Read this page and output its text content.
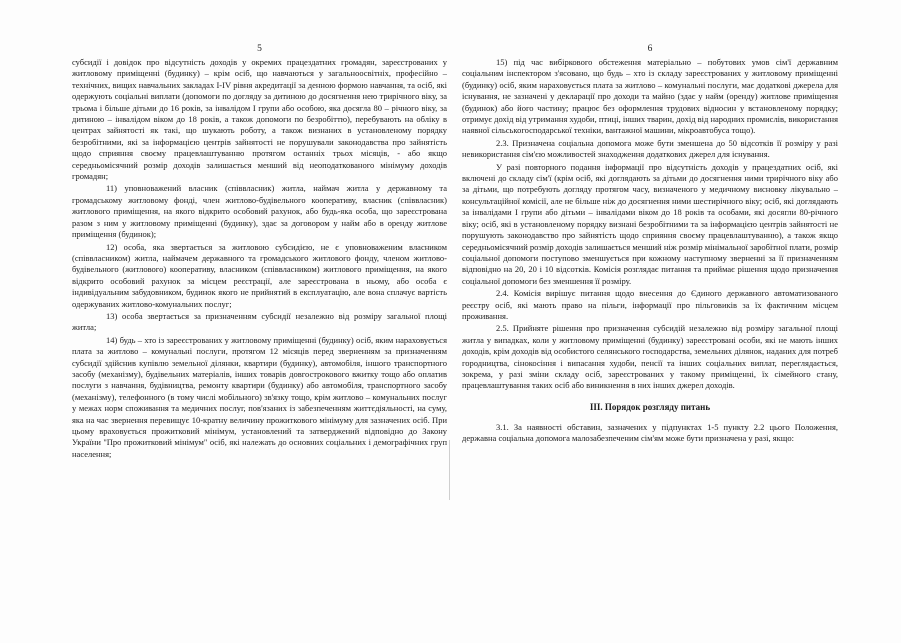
5

субсидії і довідок про відсутність доходів у окремих працездатних громадян, зареєстрованих у житловому приміщенні (будинку) – крім осіб, що навчаються у загальноосвітніх, професійно – технічних, вищих навчальних закладах I-IV рівня акредитації за денною формою навчання, та осіб, які одержують соціальні виплати (допомоги по догляду за дитиною до досягнення нею трирічного віку, за трьома і більше дітьми до 16 років, за інвалідом I групи або особою, яка досягла 80 – річного віку, за дитиною – інвалідом віком до 18 років, а також допомоги по безробіттю), перебувають на обліку в центрах зайнятості як такі, що шукають роботу, а також визнаних в установленому порядку безробітними, які за інформацією центрів зайнятості не порушували законодавства про зайнятість щодо сприяння своєму працевлаштуванню протягом останніх трьох місяців, - або якщо середньомісячний розмір доходів залишається менший від неоподаткованого мінімуму доходів громадян;

11) уповноважений власник (співвласник) житла, наймач житла у державному та громадському житловому фонді, член житлово-будівельного кооперативу, власник (співвласник) житлового приміщення, на якого відкрито особовий рахунок, або будь-яка особа, що зареєстрована разом з ним у житловому приміщенні (будинку), здає за договором у найм або в оренду житлове приміщення (будинок);

12) особа, яка звертається за житловою субсидією, не є уповноваженим власником (співвласником) житла, наймачем державного та громадського житлового фонду, членом житлово-будівельного (житлового) кооперативу, власником (співвласником) житлового приміщення, на якого відкрито особовий рахунок за місцем реєстрації, але зареєстрована в ньому, або особа є індивідуальним забудовником, будинок якого не прийнятий в експлуатацію, але вона сплачує вартість одержуваних житлово-комунальних послуг;

13) особа звертається за призначенням субсидії незалежно від розміру загальної площі житла;

14) будь – хто із зареєстрованих у житловому приміщенні (будинку) осіб, яким нараховується плата за житлово – комунальні послуги, протягом 12 місяців перед зверненням за призначенням субсидії здійснив купівлю земельної ділянки, квартири (будинку), автомобіля, іншого транспортного засобу (механізму), будівельних матеріалів, інших товарів довгострокового вжитку тощо або оплатив послуги з навчання, будівництва, ремонту квартири (будинку) або автомобіля, транспортного засобу (механізму), телефонного (в тому числі мобільного) зв'язку тощо, крім житлово – комунальних послуг у межах норм споживання та медичних послуг, пов'язаних із забезпеченням життєдіяльності, на суму, яка на час звернення перевищує 10-кратну величину прожиткового мінімуму для зазначених осіб. При цьому враховується прожитковий мінімум, установлений та затверджений відповідно до Закону України "Про прожитковий мінімум" осіб, які належать до основних соціальних і демографічних груп населення;

6

15) під час вибіркового обстеження матеріально – побутових умов сім'ї державним соціальним інспектором з'ясовано, що будь – хто із складу зареєстрованих у житловому приміщенні (будинку) осіб, яким нараховується плата за житлово – комунальні послуги, має додаткові джерела для існування, не зазначені у декларації про доходи та майно (здає у найм (оренду) житлове приміщення (будинок) або його частину; працює без оформлення трудових відносин у встановленому порядку; отримує дохід від утримання худоби, птиці, інших тварин, дохід від народних промислів, використання наявної сільськогосподарської техніки, вантажної машини, мікроавтобуса тощо).

2.3. Призначена соціальна допомога може бути зменшена до 50 відсотків її розміру у разі невикористання сім'єю можливостей знаходження додаткових джерел для існування.

У разі повторного подання інформації про відсутність доходів у працездатних осіб, які включені до складу сім'ї (крім осіб, які доглядають за дітьми до досягнення ними трирічного віку або за дітьми, що потребують догляду протягом часу, визначеного у медичному висновку лікувально – консультаційної комісії, але не більше ніж до досягнення ними шестирічного віку; осіб, які доглядають за інвалідами I групи або дітьми – інвалідами віком до 18 років та особами, які досягли 80-річного віку; осіб, які в установленому порядку визнані безробітними та за інформацією центрів зайнятості не порушують законодавство про зайнятість щодо сприяння своєму працевлаштуванню), а також якщо середньомісячний розмір доходів залишається менший ніж розмір мінімальної заробітної плати, розмір соціальної допомоги поступово зменшується при кожному наступному зверненні за її призначенням відповідно на 20, 20 і 10 відсотків. Комісія розглядає питання та приймає рішення щодо призначення соціальної допомоги без зменшення її розміру.

2.4. Комісія вирішує питання щодо внесення до Єдиного державного автоматизованого реєстру осіб, які мають право на пільги, інформації про пільговиків за їх фактичним місцем проживання.

2.5. Прийняте рішення про призначення субсидій незалежно від розміру загальної площі житла у випадках, коли у житловому приміщенні (будинку) зареєстровані особи, які не мають інших доходів, крім доходів від особистого селянського господарства, земельних ділянок, наданих для потреб городництва, сінокосіння і випасання худоби, пенсії та інших соціальних виплат, переглядається, зокрема, у разі зміни складу осіб, зареєстрованих у такому приміщенні, їх сімейного стану, працевлаштування таких осіб або виникнення в них інших джерел доходів.

III. Порядок розгляду питань

3.1. За наявності обставин, зазначених у підпунктах 1-5 пункту 2.2 цього Положення, державна соціальна допомога малозабезпеченим сім'ям може бути призначена у разі, якщо:
